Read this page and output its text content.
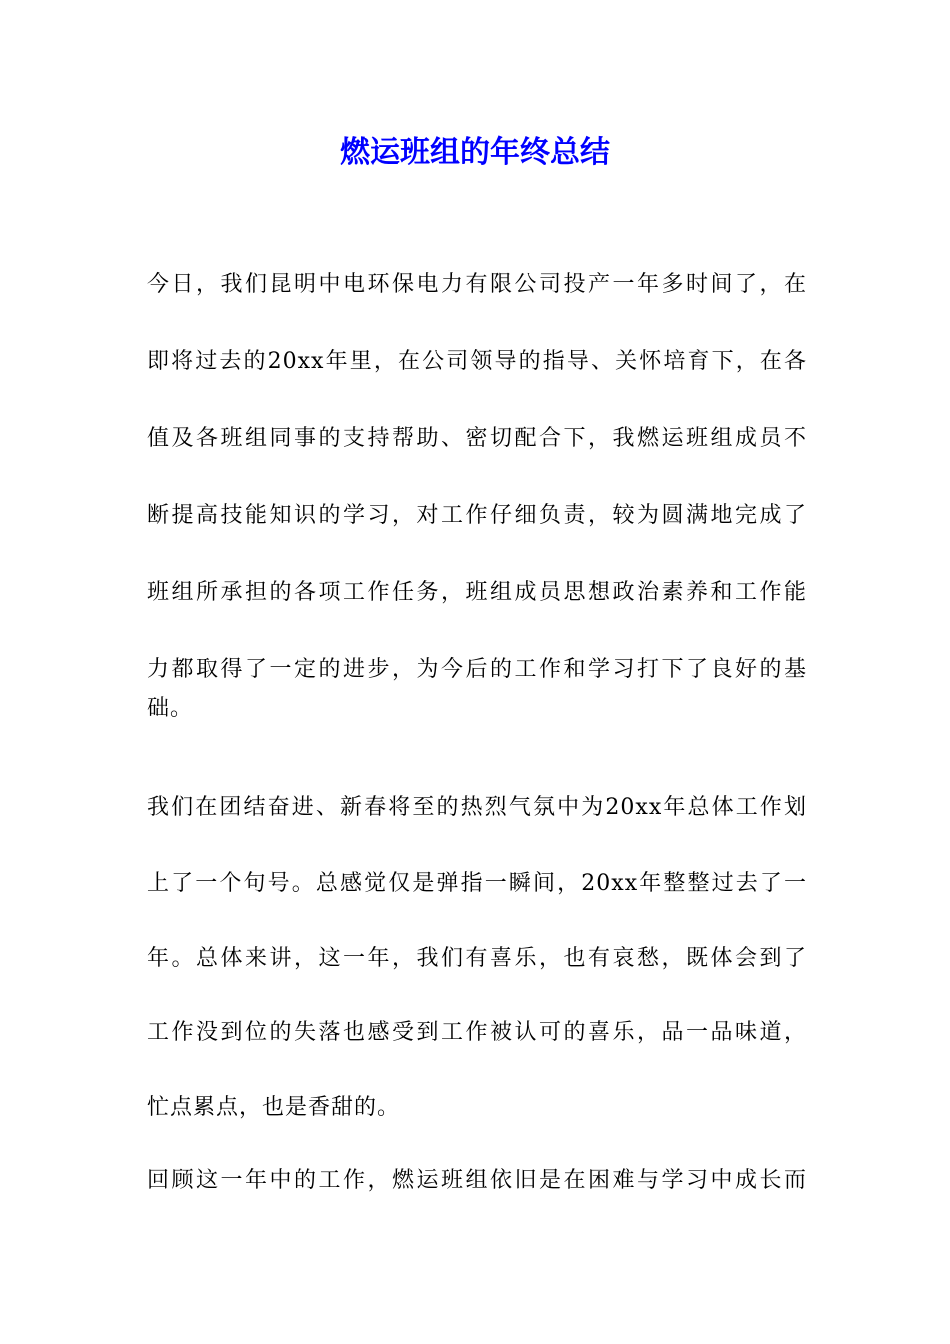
燃运班组的年终总结
今日，我们昆明中电环保电力有限公司投产一年多时间了，在
即将过去的20xx年里，在公司领导的指导、关怀培育下，在各
值及各班组同事的支持帮助、密切配合下，我燃运班组成员不
断提高技能知识的学习，对工作仔细负责，较为圆满地完成了
班组所承担的各项工作任务，班组成员思想政治素养和工作能
力都取得了一定的进步，为今后的工作和学习打下了良好的基
础。
我们在团结奋进、新春将至的热烈气氛中为20xx年总体工作划
上了一个句号。总感觉仅是弹指一瞬间，20xx年整整过去了一
年。总体来讲，这一年，我们有喜乐，也有哀愁，既体会到了
工作没到位的失落也感受到工作被认可的喜乐，品一品味道，
忙点累点，也是香甜的。
回顾这一年中的工作，燃运班组依旧是在困难与学习中成长而
